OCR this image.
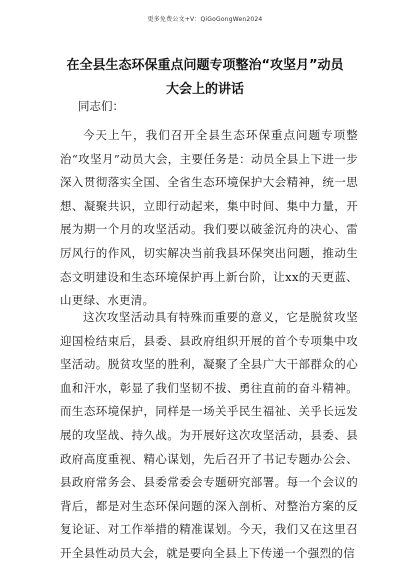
更多免费公文+V：QiGoGongWen2024
在全县生态环保重点问题专项整治“攻坚月”动员大会上的讲话
同志们：

今天上午，我们召开全县生态环保重点问题专项整治“攻坚月”动员大会，主要任务是：动员全县上下进一步深入贯彻落实全国、全省生态环境保护大会精神，统一思想、凝聚共识，立即行动起来，集中时间、集中力量，开展为期一个月的攻坚活动。我们要以破釜沉舟的决心、雷厉风行的作风，切实解决当前我县环保突出问题，推动生态文明建设和生态环境保护再上新台阶，让xx的天更蓝、山更绿、水更清。

这次攻坚活动具有特殊而重要的意义，它是脱贫攻坚迎国检结束后，县委、县政府组织开展的首个专项集中攻坚活动。脱贫攻坚的胜利，凝聚了全县广大干部群众的心血和汗水，彰显了我们坚韧不拔、勇往直前的奋斗精神。而生态环境保护，同样是一场关乎民生福祉、关乎长远发展的攻坚战、持久战。为开展好这次攻坚活动，县委、县政府高度重视、精心谋划，先后召开了书记专题办公会、县政府常务会、县委常委会专题研究部署。每一个会议的背后，都是对生态环保问题的深入剖析、对整治方案的反复论证、对工作举措的精准谋划。今天，我们又在这里召开全县性动员大会，就是要向全县上下传递一个强烈的信
